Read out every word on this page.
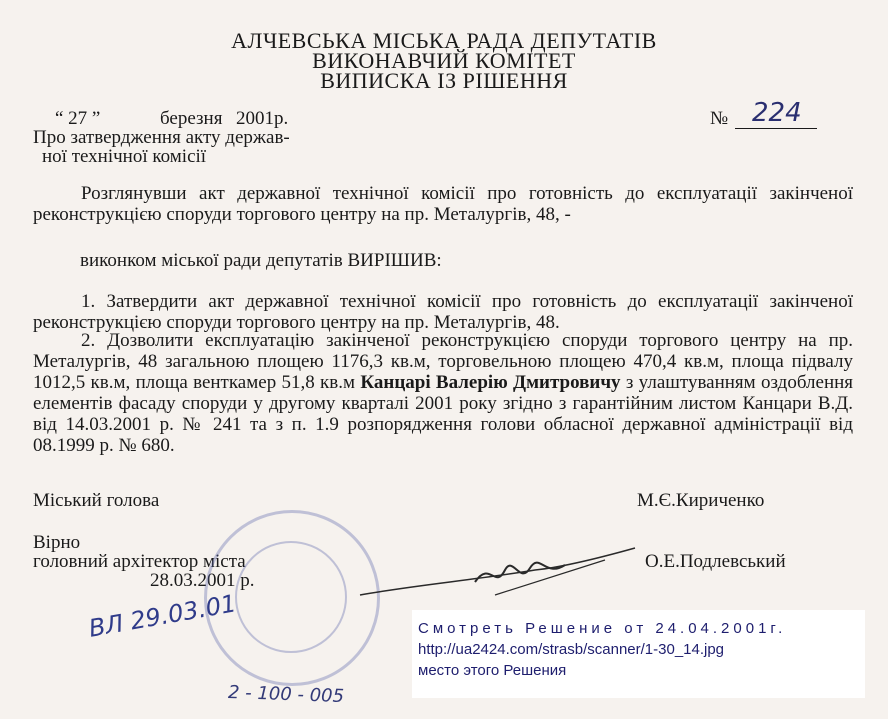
АЛЧЕВСЬКА МІСЬКА РАДА ДЕПУТАТІВ
ВИКОНАВЧИЙ КОМІТЕТ
ВИПИСКА ІЗ РІШЕННЯ
“ 27 ”	березня 2001р.	№ 224
Про затвердження акту держав-
ної технічної комісії
Розглянувши акт державної технічної комісії про готовність до експлуатації закінченої реконструкцією споруди торгового центру на пр. Металургів, 48, -
виконком міської ради депутатів ВИРІШИВ:
1. Затвердити акт державної технічної комісії про готовність до експлуатації закінченої реконструкцією споруди торгового центру на пр. Металургів, 48.
2. Дозволити експлуатацію закінченої реконструкцією споруди торгового центру на пр. Металургів, 48 загальною площею 1176,3 кв.м, торговельною площею 470,4 кв.м, площа підвалу 1012,5 кв.м, площа венткамер 51,8 кв.м Канцарі Валерію Дмитровичу з улаштуванням оздоблення елементів фасаду споруди у другому кварталі 2001 року згідно з гарантійним листом Канцари В.Д. від 14.03.2001 р. № 241 та з п. 1.9 розпорядження голови обласної державної адміністрації від 08.1999 р. № 680.
Міський голова	М.Є.Кириченко
Вірно
головний архітектор міста
28.03.2001 р.
О.Е.Подлевський
ВЛ 29.03.01
2 - 100 - 005
Смотреть Решение от 24.04.2001г.
http://ua2424.com/strasb/scanner/1-30_14.jpg
место этого Решения
